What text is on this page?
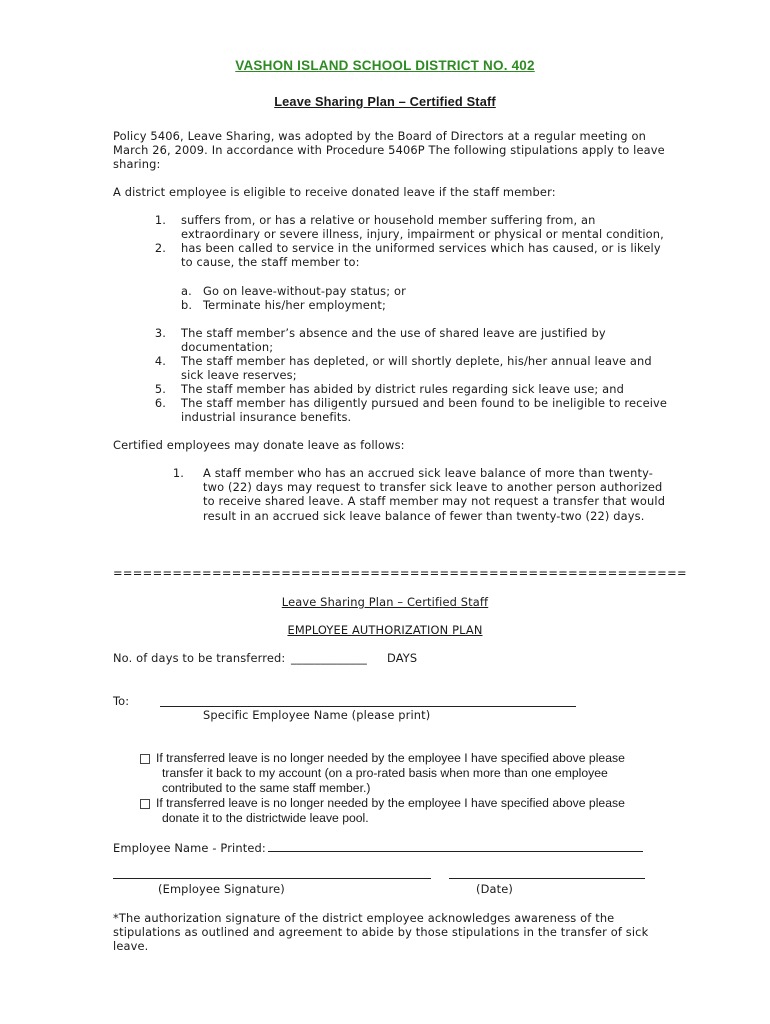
VASHON ISLAND SCHOOL DISTRICT NO. 402
Leave Sharing Plan – Certified Staff
Policy 5406, Leave Sharing, was adopted by the Board of Directors at a regular meeting on
March 26, 2009. In accordance with Procedure 5406P The following stipulations apply to leave
sharing:
A district employee is eligible to receive donated leave if the staff member:
1. suffers from, or has a relative or household member suffering from, an
extraordinary or severe illness, injury, impairment or physical or mental condition,
2. has been called to service in the uniformed services which has caused, or is likely
to cause, the staff member to:
a. Go on leave-without-pay status; or
b. Terminate his/her employment;
3. The staff member’s absence and the use of shared leave are justified by
documentation;
4. The staff member has depleted, or will shortly deplete, his/her annual leave and
sick leave reserves;
5. The staff member has abided by district rules regarding sick leave use; and
6. The staff member has diligently pursued and been found to be ineligible to receive
industrial insurance benefits.
Certified employees may donate leave as follows:
1. A staff member who has an accrued sick leave balance of more than twenty-
two (22) days may request to transfer sick leave to another person authorized
to receive shared leave. A staff member may not request a transfer that would
result in an accrued sick leave balance of fewer than twenty-two (22) days.
==========================================================
Leave Sharing Plan – Certified Staff
EMPLOYEE AUTHORIZATION PLAN
No. of days to be transferred: _____________ DAYS
To:
Specific Employee Name (please print)
If transferred leave is no longer needed by the employee I have specified above please
transfer it back to my account (on a pro-rated basis when more than one employee
contributed to the same staff member.)
If transferred leave is no longer needed by the employee I have specified above please
donate it to the districtwide leave pool.
Employee Name - Printed:
(Employee Signature)	(Date)
*The authorization signature of the district employee acknowledges awareness of the
stipulations as outlined and agreement to abide by those stipulations in the transfer of sick
leave.
